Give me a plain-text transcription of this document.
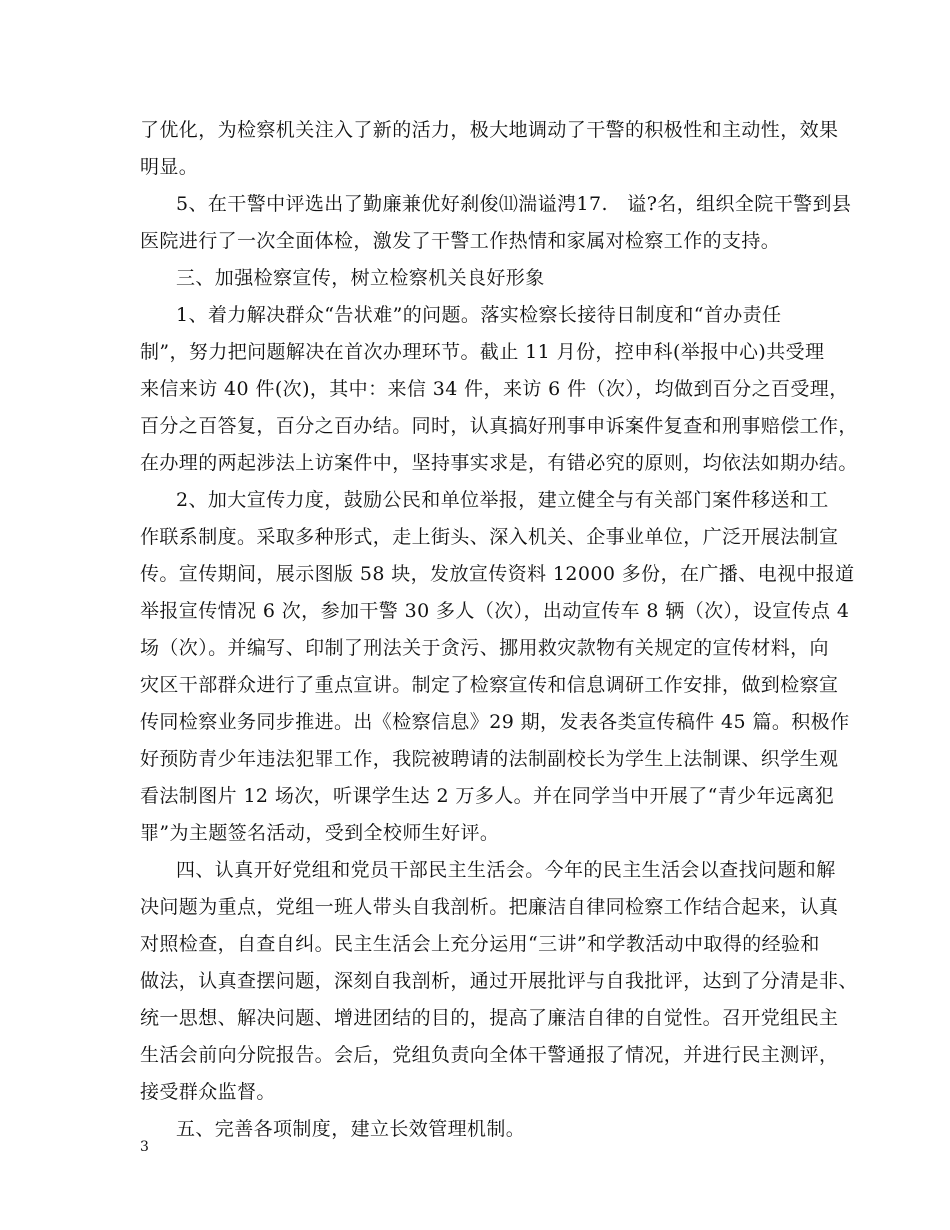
了优化，为检察机关注入了新的活力，极大地调动了干警的积极性和主动性，效果
明显。
5、在干警中评选出了勤廉兼优好刹俊⑾湍谥涄17.　谥?名，组织全院干警到县
医院进行了一次全面体检，激发了干警工作热情和家属对检察工作的支持。
三、加强检察宣传，树立检察机关良好形象
1、着力解决群众“告状难”的问题。落实检察长接待日制度和“首办责任
制”，努力把问题解决在首次办理环节。截止 11 月份，控申科(举报中心)共受理
来信来访 40 件(次)，其中：来信 34 件，来访 6 件（次），均做到百分之百受理，
百分之百答复，百分之百办结。同时，认真搞好刑事申诉案件复查和刑事赔偿工作，
在办理的两起涉法上访案件中，坚持事实求是，有错必究的原则，均依法如期办结。
2、加大宣传力度，鼓励公民和单位举报，建立健全与有关部门案件移送和工
作联系制度。采取多种形式，走上街头、深入机关、企事业单位，广泛开展法制宣
传。宣传期间，展示图版 58 块，发放宣传资料 12000 多份，在广播、电视中报道
举报宣传情况 6 次，参加干警 30 多人（次），出动宣传车 8 辆（次），设宣传点 4
场（次）。并编写、印制了刑法关于贪污、挪用救灾款物有关规定的宣传材料，向
灾区干部群众进行了重点宣讲。制定了检察宣传和信息调研工作安排，做到检察宣
传同检察业务同步推进。出《检察信息》29 期，发表各类宣传稿件 45 篇。积极作
好预防青少年违法犯罪工作，我院被聘请的法制副校长为学生上法制课、织学生观
看法制图片 12 场次，听课学生达 2 万多人。并在同学当中开展了“青少年远离犯
罪”为主题签名活动，受到全校师生好评。
四、认真开好党组和党员干部民主生活会。今年的民主生活会以查找问题和解
决问题为重点，党组一班人带头自我剖析。把廉洁自律同检察工作结合起来，认真
对照检查，自查自纠。民主生活会上充分运用“三讲”和学教活动中取得的经验和
做法，认真查摆问题，深刻自我剖析，通过开展批评与自我批评，达到了分清是非、
统一思想、解决问题、增进团结的目的，提高了廉洁自律的自觉性。召开党组民主
生活会前向分院报告。会后，党组负责向全体干警通报了情况，并进行民主测评，
接受群众监督。
五、完善各项制度，建立长效管理机制。
3
